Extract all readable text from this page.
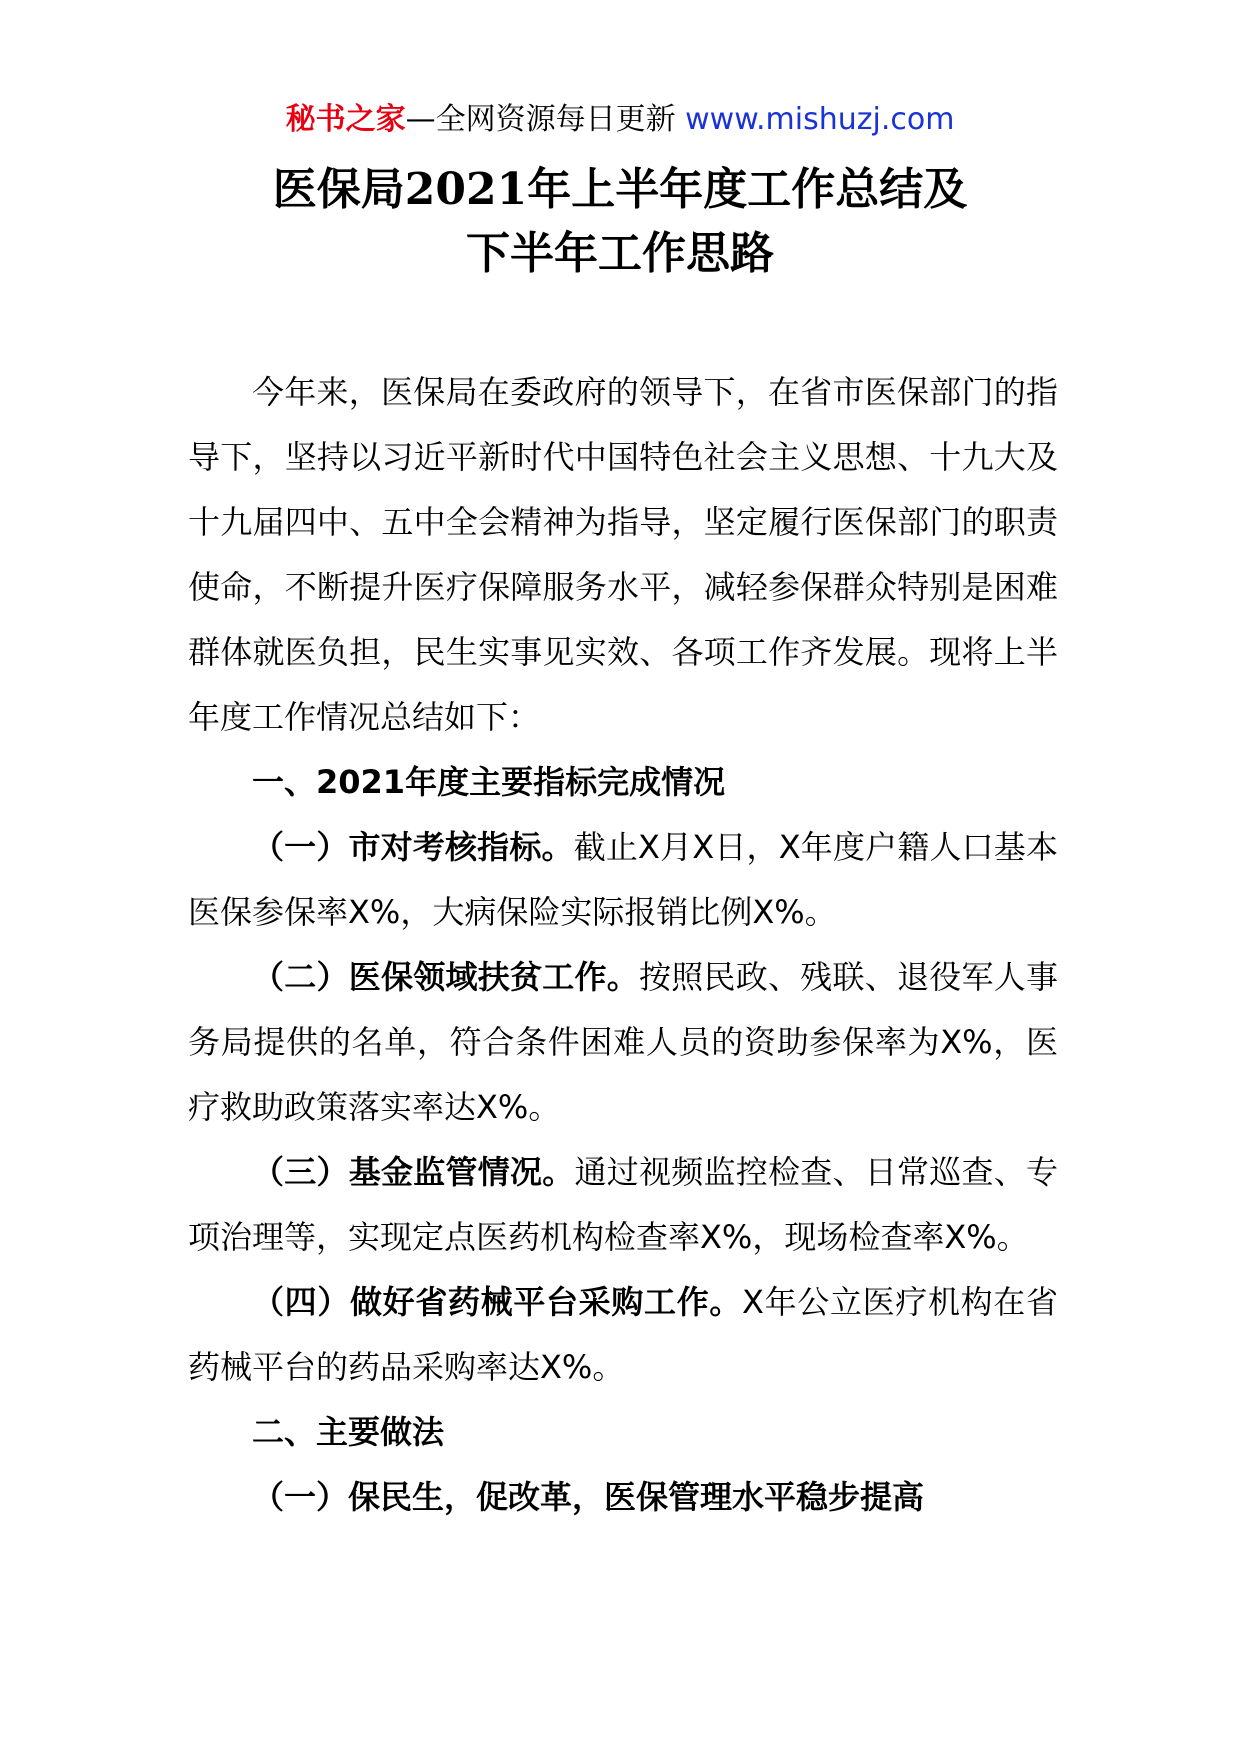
秘书之家—全网资源每日更新 www.mishuzj.com
医保局2021年上半年度工作总结及
下半年工作思路

今年来，医保局在委政府的领导下，在省市医保部门的指导下，坚持以习近平新时代中国特色社会主义思想、十九大及十九届四中、五中全会精神为指导，坚定履行医保部门的职责使命，不断提升医疗保障服务水平，减轻参保群众特别是困难群体就医负担，民生实事见实效、各项工作齐发展。现将上半年度工作情况总结如下：

一、2021年度主要指标完成情况

（一）市对考核指标。截止X月X日，X年度户籍人口基本医保参保率X%，大病保险实际报销比例X%。

（二）医保领域扶贫工作。按照民政、残联、退役军人事务局提供的名单，符合条件困难人员的资助参保率为X%，医疗救助政策落实率达X%。

（三）基金监管情况。通过视频监控检查、日常巡查、专项治理等，实现定点医药机构检查率X%，现场检查率X%。

（四）做好省药械平台采购工作。X年公立医疗机构在省药械平台的药品采购率达X%。

二、主要做法

（一）保民生，促改革，医保管理水平稳步提高
